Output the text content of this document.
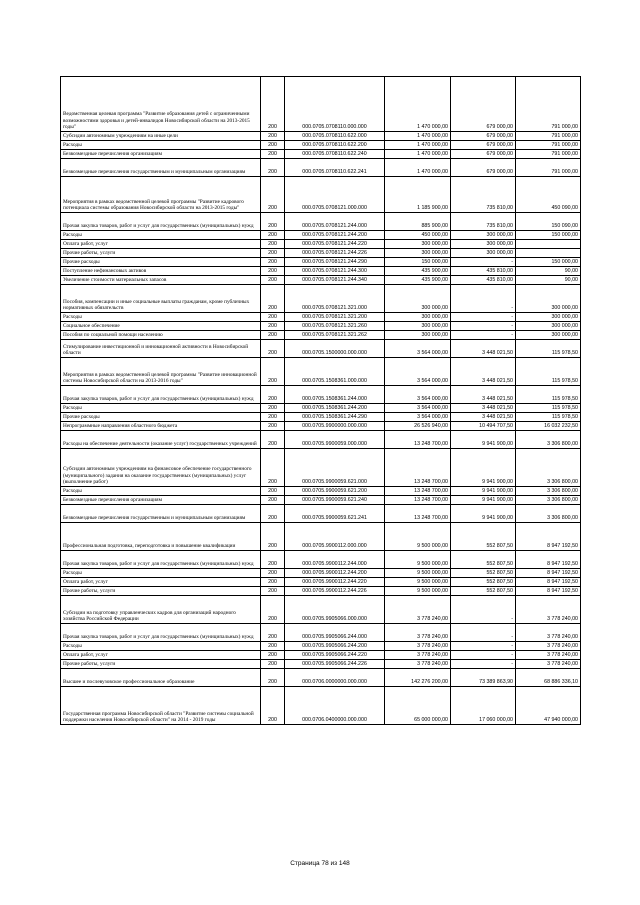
Ведомственная целевая программа "Развитие образования детей с ограниченными возможностями здоровья и детей-инвалидов Новосибирской области на 2013-2015 годы"	200	000.0705.0708110.000.000	1 470 000,00	679 000,00	791 000,00
Субсидии автономным учреждениям на иные цели	200	000.0705.0708110.622.000	1 470 000,00	679 000,00	791 000,00
Расходы	200	000.0705.0708110.622.200	1 470 000,00	679 000,00	791 000,00
Безвозмездные перечисления организациям	200	000.0705.0708110.622.240	1 470 000,00	679 000,00	791 000,00
Безвозмездные перечисления государственным и муниципальным организациям	200	000.0705.0708110.622.241	1 470 000,00	679 000,00	791 000,00
Мероприятия в рамках ведомственной целевой программы "Развитие кадрового потенциала системы образования Новосибирской области на 2013-2015 годы"	200	000.0705.0708121.000.000	1 185 900,00	735 810,00	450 090,00
Прочая закупка товаров, работ и услуг для государственных (муниципальных) нужд	200	000.0705.0708121.244.000	885 900,00	735 810,00	150 090,00
Расходы	200	000.0705.0708121.244.200	450 000,00	300 000,00	150 000,00
Оплата работ, услуг	200	000.0705.0708121.244.220	300 000,00	300 000,00	
Прочие работы, услуги	200	000.0705.0708121.244.226	300 000,00	300 000,00	
Прочие расходы	200	000.0705.0708121.244.290	150 000,00	-	150 000,00
Поступление нефинансовых активов	200	000.0705.0708121.244.300	435 900,00	435 810,00	90,00
Увеличение стоимости материальных запасов	200	000.0705.0708121.244.340	435 900,00	435 810,00	90,00
Пособия, компенсации и иные социальные выплаты гражданам, кроме публичных нормативных обязательств	200	000.0705.0708121.321.000	300 000,00	-	300 000,00
Расходы	200	000.0705.0708121.321.200	300 000,00	-	300 000,00
Социальное обеспечение	200	000.0705.0708121.321.260	300 000,00	-	300 000,00
Пособия по социальной помощи населению	200	000.0705.0708121.321.262	300 000,00	-	300 000,00
Стимулирование инвестиционной и инновационной активности в Новосибирской области	200	000.0705.1500000.000.000	3 564 000,00	3 448 021,50	115 978,50
Мероприятия в рамках ведомственной целевой программы "Развитие инновационной системы Новосибирской области на 2013-2016 годы"	200	000.0705.1508361.000.000	3 564 000,00	3 448 021,50	115 978,50
Прочая закупка товаров, работ и услуг для государственных (муниципальных) нужд	200	000.0705.1508361.244.000	3 564 000,00	3 448 021,50	115 978,50
Расходы	200	000.0705.1508361.244.200	3 564 000,00	3 448 021,50	115 978,50
Прочие расходы	200	000.0705.1508361.244.290	3 564 000,00	3 448 021,50	115 978,50
Непрограммные направления областного бюджета	200	000.0705.9900000.000.000	26 526 940,00	10 494 707,50	16 032 232,50
Расходы на обеспечение деятельности (оказание услуг) государственных учреждений	200	000.0705.9900059.000.000	13 248 700,00	9 941 900,00	3 306 800,00
Субсидии автономным учреждениям на финансовое обеспечение государственного (муниципального) задания на оказание государственных (муниципальных) услуг (выполнение работ)	200	000.0705.9900059.621.000	13 248 700,00	9 941 900,00	3 306 800,00
Расходы	200	000.0705.9900059.621.200	13 248 700,00	9 941 900,00	3 306 800,00
Безвозмездные перечисления организациям	200	000.0705.9900059.621.240	13 248 700,00	9 941 900,00	3 306 800,00
Безвозмездные перечисления государственным и муниципальным организациям	200	000.0705.9900059.621.241	13 248 700,00	9 941 900,00	3 306 800,00
Профессиональная подготовка, переподготовка и повышение квалификации	200	000.0705.9900112.000.000	9 500 000,00	552 807,50	8 947 192,50
Прочая закупка товаров, работ и услуг для государственных (муниципальных) нужд	200	000.0705.9900112.244.000	9 500 000,00	552 807,50	8 947 192,50
Расходы	200	000.0705.9900112.244.200	9 500 000,00	552 807,50	8 947 192,50
Оплата работ, услуг	200	000.0705.9900112.244.220	9 500 000,00	552 807,50	8 947 192,50
Прочие работы, услуги	200	000.0705.9900112.244.226	9 500 000,00	552 807,50	8 947 192,50
Субсидии на подготовку управленческих кадров для организаций народного хозяйства Российской Федерации	200	000.0705.9905066.000.000	3 778 240,00	-	3 778 240,00
Прочая закупка товаров, работ и услуг для государственных (муниципальных) нужд	200	000.0705.9905066.244.000	3 778 240,00	-	3 778 240,00
Расходы	200	000.0705.9905066.244.200	3 778 240,00	-	3 778 240,00
Оплата работ, услуг	200	000.0705.9905066.244.220	3 778 240,00	-	3 778 240,00
Прочие работы, услуги	200	000.0705.9905066.244.226	3 778 240,00	-	3 778 240,00
Высшее и послевузовское профессиональное образование	200	000.0706.0000000.000.000	142 276 200,00	73 389 863,90	68 886 336,10
Государственная программа Новосибирской области "Развитие системы социальной поддержки населения Новосибирской области" на 2014 - 2019 годы	200	000.0706.0400000.000.000	65 000 000,00	17 060 000,00	47 940 000,00
Страница 78 из 148
